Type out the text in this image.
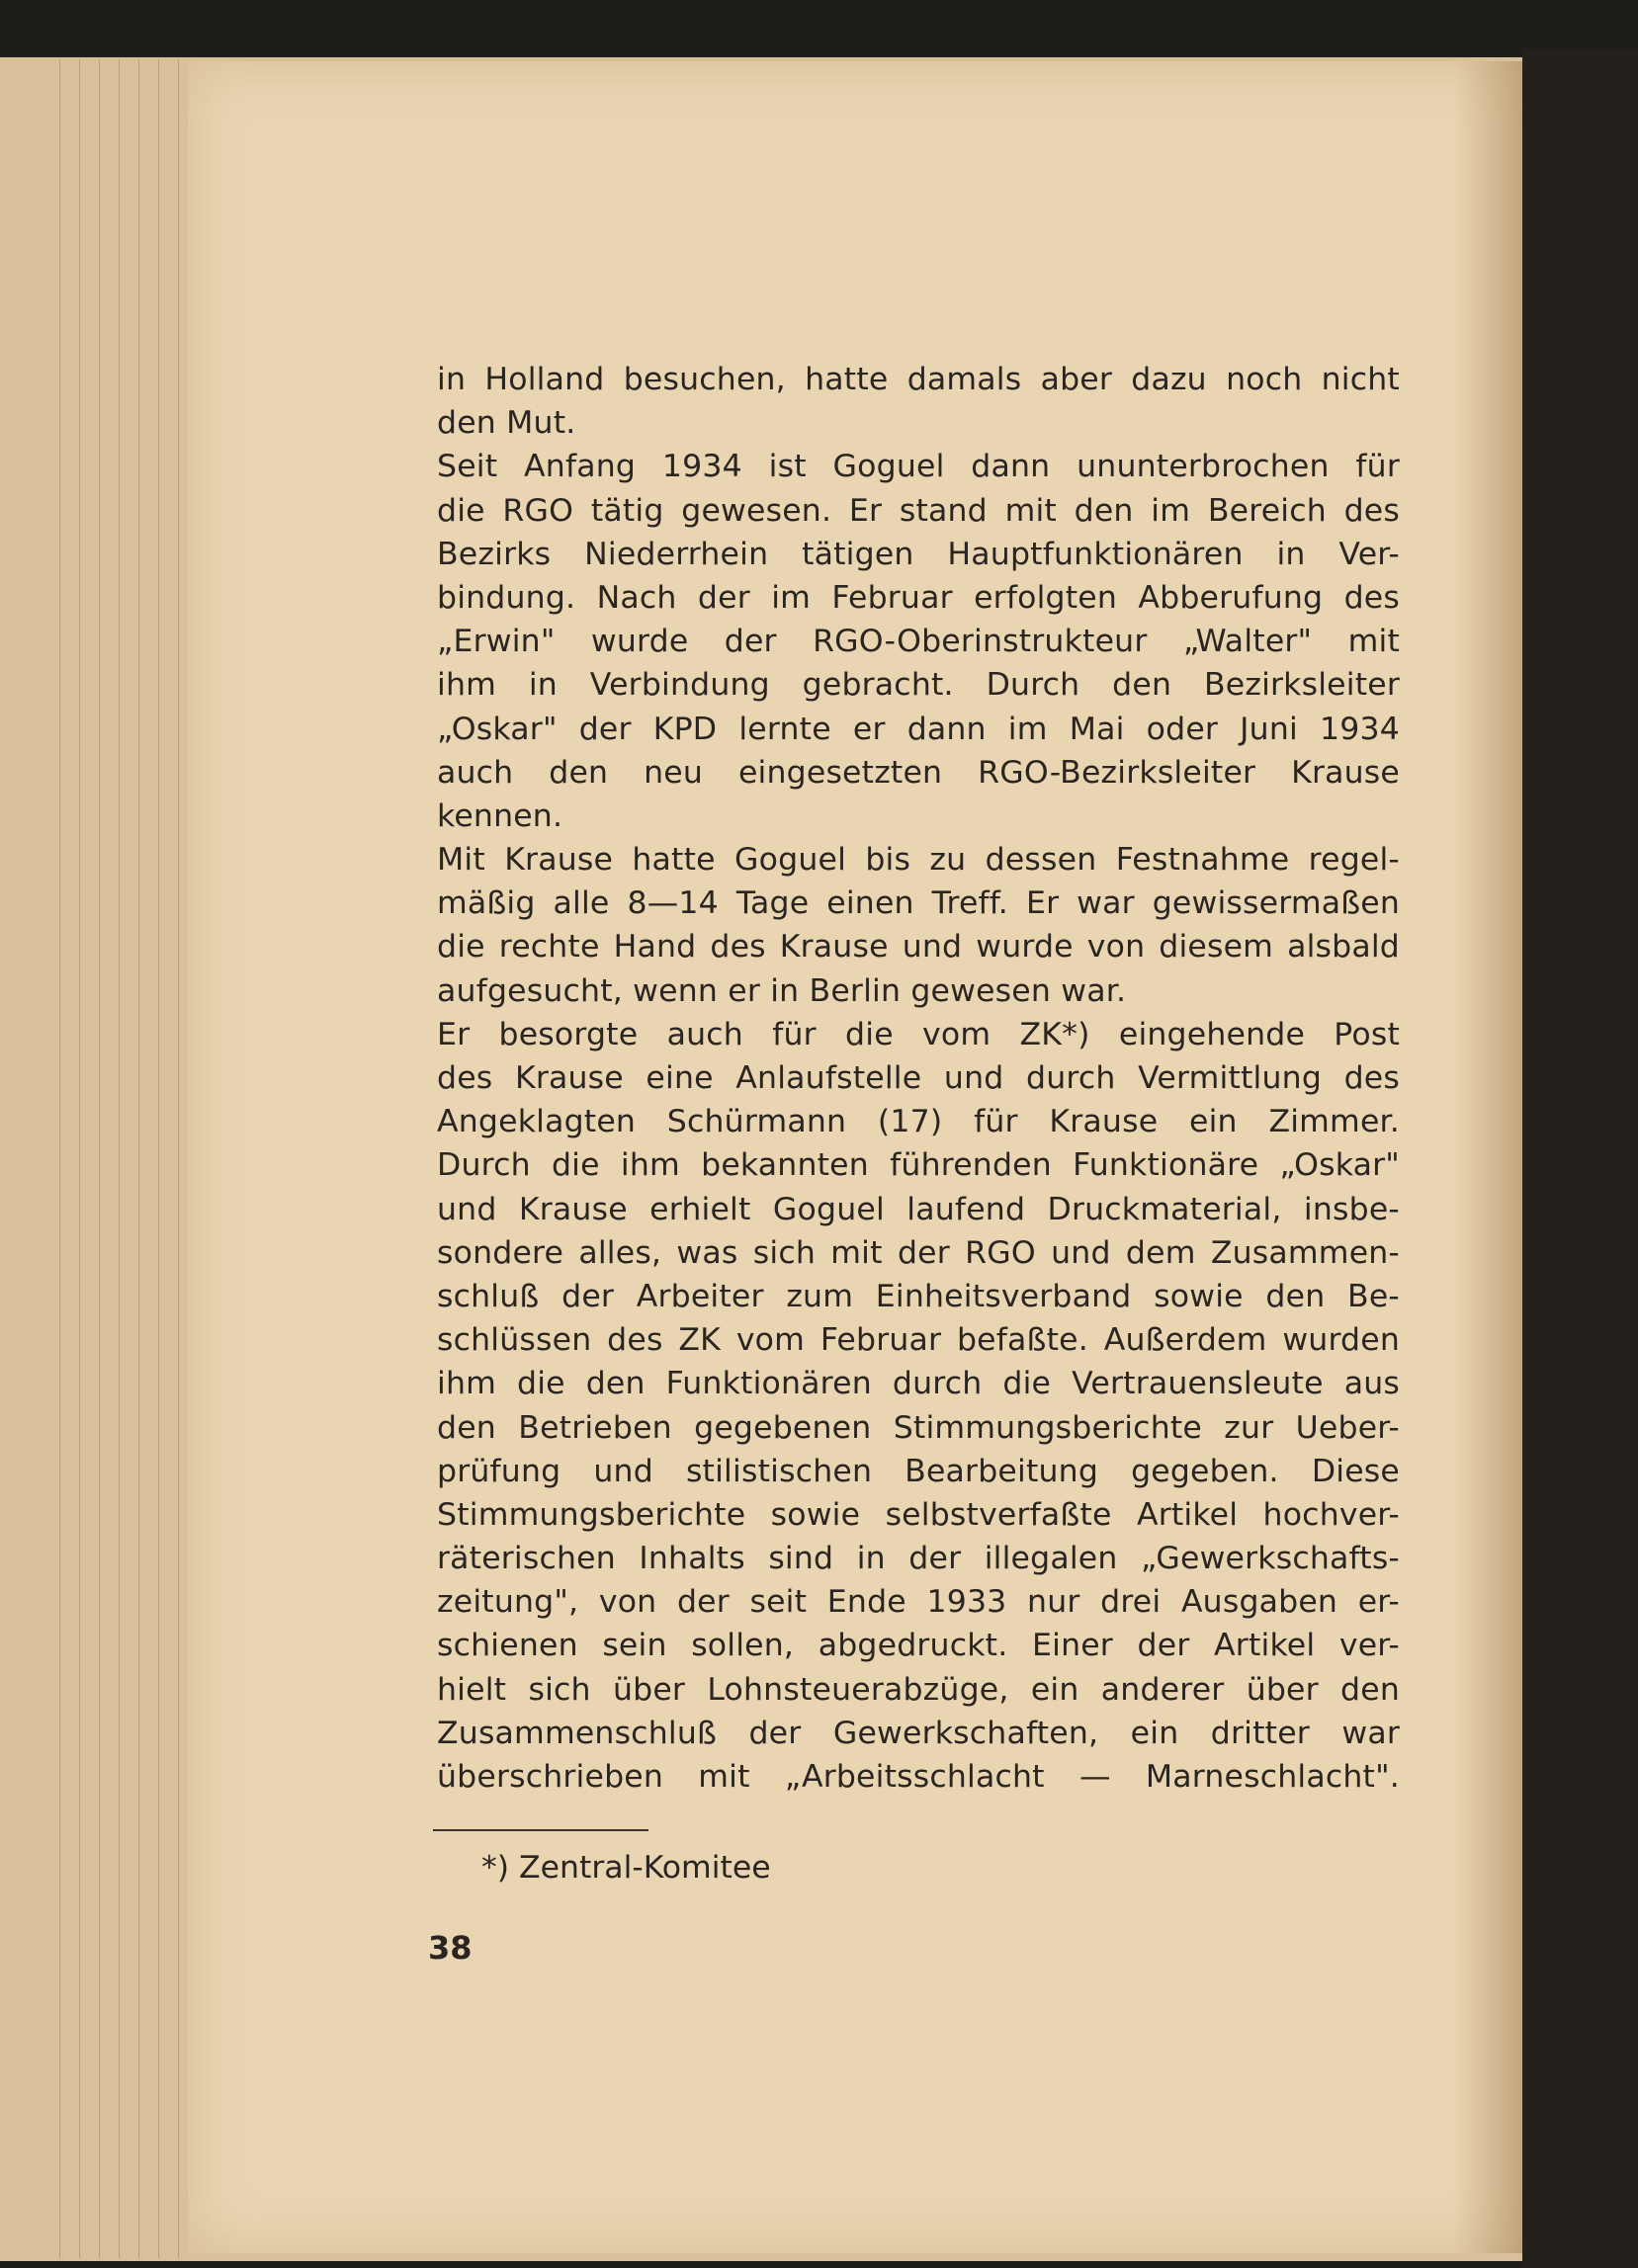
in Holland besuchen, hatte damals aber dazu noch nicht
den Mut.
Seit Anfang 1934 ist Goguel dann ununterbrochen für
die RGO tätig gewesen. Er stand mit den im Bereich des
Bezirks Niederrhein tätigen Hauptfunktionären in Ver-
bindung. Nach der im Februar erfolgten Abberufung des
„Erwin" wurde der RGO-Oberinstrukteur „Walter" mit
ihm in Verbindung gebracht. Durch den Bezirksleiter
„Oskar" der KPD lernte er dann im Mai oder Juni 1934
auch den neu eingesetzten RGO-Bezirksleiter Krause
kennen.
Mit Krause hatte Goguel bis zu dessen Festnahme regel-
mäßig alle 8—14 Tage einen Treff. Er war gewissermaßen
die rechte Hand des Krause und wurde von diesem alsbald
aufgesucht, wenn er in Berlin gewesen war.
Er besorgte auch für die vom ZK*) eingehende Post
des Krause eine Anlaufstelle und durch Vermittlung des
Angeklagten Schürmann (17) für Krause ein Zimmer.
Durch die ihm bekannten führenden Funktionäre „Oskar"
und Krause erhielt Goguel laufend Druckmaterial, insbe-
sondere alles, was sich mit der RGO und dem Zusammen-
schluß der Arbeiter zum Einheitsverband sowie den Be-
schlüssen des ZK vom Februar befaßte. Außerdem wurden
ihm die den Funktionären durch die Vertrauensleute aus
den Betrieben gegebenen Stimmungsberichte zur Ueber-
prüfung und stilistischen Bearbeitung gegeben. Diese
Stimmungsberichte sowie selbstverfaßte Artikel hochver-
räterischen Inhalts sind in der illegalen „Gewerkschafts-
zeitung", von der seit Ende 1933 nur drei Ausgaben er-
schienen sein sollen, abgedruckt. Einer der Artikel ver-
hielt sich über Lohnsteuerabzüge, ein anderer über den
Zusammenschluß der Gewerkschaften, ein dritter war
überschrieben mit „Arbeitsschlacht — Marneschlacht".
*) Zentral-Komitee
38
